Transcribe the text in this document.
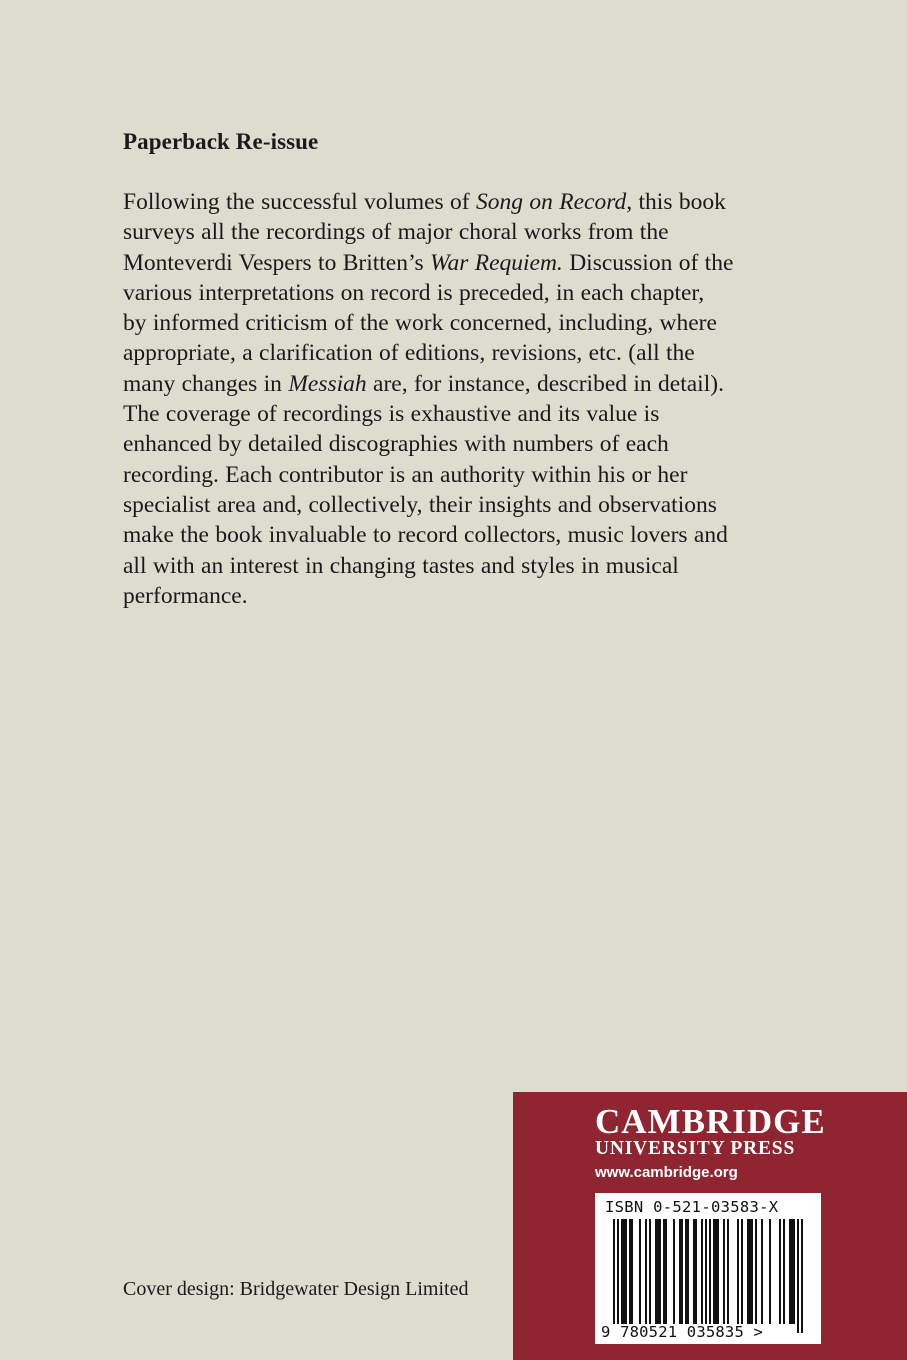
Paperback Re-issue

Following the successful volumes of Song on Record, this book
surveys all the recordings of major choral works from the
Monteverdi Vespers to Britten’s War Requiem. Discussion of the
various interpretations on record is preceded, in each chapter,
by informed criticism of the work concerned, including, where
appropriate, a clarification of editions, revisions, etc. (all the
many changes in Messiah are, for instance, described in detail).
The coverage of recordings is exhaustive and its value is
enhanced by detailed discographies with numbers of each
recording. Each contributor is an authority within his or her
specialist area and, collectively, their insights and observations
make the book invaluable to record collectors, music lovers and
all with an interest in changing tastes and styles in musical
performance.

Cover design: Bridgewater Design Limited
CAMBRIDGE
UNIVERSITY PRESS
www.cambridge.org
ISBN 0-521-03583-X
9 780521 035835 >
